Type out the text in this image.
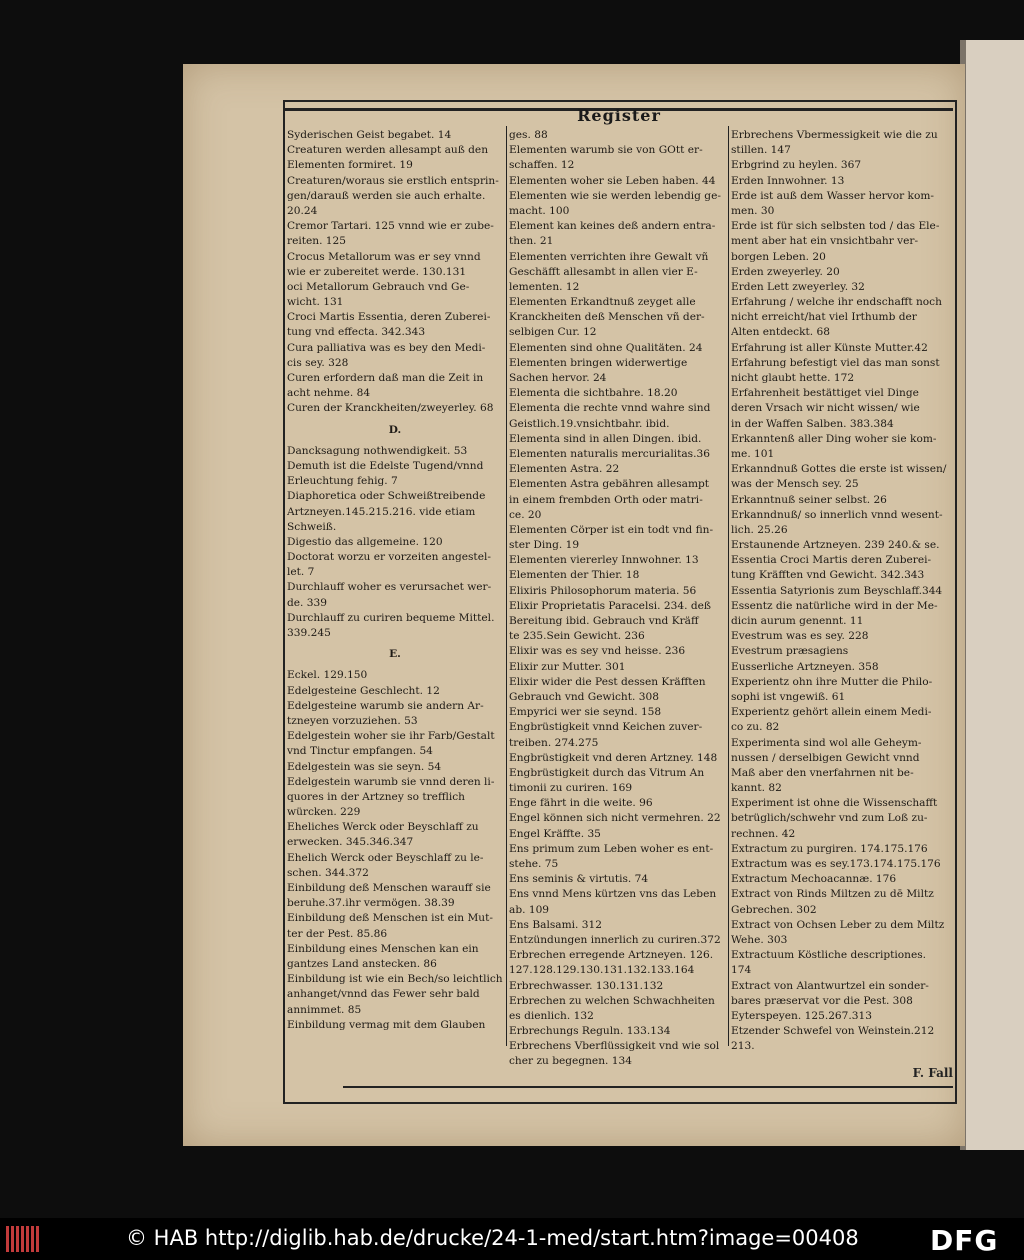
Register
Syderischen Geist begabet. 14
Creaturen werden allesampt auß den
Elementen formiret. 19
Creaturen/woraus sie erstlich entsprin-
gen/darauß werden sie auch erhalte.
20.24
Cremor Tartari. 125 vnnd wie er zube-
reiten. 125
Crocus Metallorum was er sey vnnd
wie er zubereitet werde. 130.131
oci Metallorum Gebrauch vnd Ge-
wicht. 131
Croci Martis Essentia, deren Zuberei-
tung vnd effecta. 342.343
Cura palliativa was es bey den Medi-
cis sey. 328
Curen erfordern daß man die Zeit in
acht nehme. 84
Curen der Kranckheiten/zweyerley. 68
D.
Dancksagung nothwendigkeit. 53
Demuth ist die Edelste Tugend/vnnd
Erleuchtung fehig. 7
Diaphoretica oder Schweißtreibende
Artzneyen.145.215.216. vide etiam
Schweiß.
Digestio das allgemeine. 120
Doctorat worzu er vorzeiten angestel-
let. 7
Durchlauff woher es verursachet wer-
de. 339
Durchlauff zu curiren bequeme Mittel.
339.245
E.
Eckel. 129.150
Edelgesteine Geschlecht. 12
Edelgesteine warumb sie andern Ar-
tzneyen vorzuziehen. 53
Edelgestein woher sie ihr Farb/Gestalt
vnd Tinctur empfangen. 54
Edelgestein was sie seyn. 54
Edelgestein warumb sie vnnd deren li-
quores in der Artzney so trefflich
würcken. 229
Eheliches Werck oder Beyschlaff zu
erwecken. 345.346.347
Ehelich Werck oder Beyschlaff zu le-
schen. 344.372
Einbildung deß Menschen warauff sie
beruhe.37.ihr vermögen. 38.39
Einbildung deß Menschen ist ein Mut-
ter der Pest. 85.86
Einbildung eines Menschen kan ein
gantzes Land anstecken. 86
Einbildung ist wie ein Bech/so leichtlich
anhanget/vnnd das Fewer sehr bald
annimmet. 85
Einbildung vermag mit dem Glauben
ges. 88
Elementen warumb sie von GOtt er-
schaffen. 12
Elementen woher sie Leben haben. 44
Elementen wie sie werden lebendig ge-
macht. 100
Element kan keines deß andern entra-
then. 21
Elementen verrichten ihre Gewalt vñ
Geschäfft allesambt in allen vier E-
lementen. 12
Elementen Erkandtnuß zeyget alle
Kranckheiten deß Menschen vñ der-
selbigen Cur. 12
Elementen sind ohne Qualitäten. 24
Elementen bringen widerwertige
Sachen hervor. 24
Elementa die sichtbahre. 18.20
Elementa die rechte vnnd wahre sind
Geistlich.19.vnsichtbahr. ibid.
Elementa sind in allen Dingen. ibid.
Elementen naturalis mercurialitas.36
Elementen Astra. 22
Elementen Astra gebähren allesampt
in einem frembden Orth oder matri-
ce. 20
Elementen Cörper ist ein todt vnd fin-
ster Ding. 19
Elementen viererley Innwohner. 13
Elementen der Thier. 18
Elixiris Philosophorum materia. 56
Elixir Proprietatis Paracelsi. 234. deß
Bereitung ibid. Gebrauch vnd Kräff
te 235.Sein Gewicht. 236
Elixir was es sey vnd heisse. 236
Elixir zur Mutter. 301
Elixir wider die Pest dessen Kräfften
Gebrauch vnd Gewicht. 308
Empyrici wer sie seynd. 158
Engbrüstigkeit vnnd Keichen zuver-
treiben. 274.275
Engbrüstigkeit vnd deren Artzney. 148
Engbrüstigkeit durch das Vitrum An
timonii zu curiren. 169
Enge fährt in die weite. 96
Engel können sich nicht vermehren. 22
Engel Kräffte. 35
Ens primum zum Leben woher es ent-
stehe. 75
Ens seminis & virtutis. 74
Ens vnnd Mens kürtzen vns das Leben
ab. 109
Ens Balsami. 312
Entzündungen innerlich zu curiren.372
Erbrechen erregende Artzneyen. 126.
127.128.129.130.131.132.133.164
Erbrechwasser. 130.131.132
Erbrechen zu welchen Schwachheiten
es dienlich. 132
Erbrechungs Reguln. 133.134
Erbrechens Vberflüssigkeit vnd wie sol
cher zu begegnen. 134
Erbrechens Vbermessigkeit wie die zu
stillen. 147
Erbgrind zu heylen. 367
Erden Innwohner. 13
Erde ist auß dem Wasser hervor kom-
men. 30
Erde ist für sich selbsten tod / das Ele-
ment aber hat ein vnsichtbahr ver-
borgen Leben. 20
Erden zweyerley. 20
Erden Lett zweyerley. 32
Erfahrung / welche ihr endschafft noch
nicht erreicht/hat viel Irthumb der
Alten entdeckt. 68
Erfahrung ist aller Künste Mutter.42
Erfahrung befestigt viel das man sonst
nicht glaubt hette. 172
Erfahrenheit bestättiget viel Dinge
deren Vrsach wir nicht wissen/ wie
in der Waffen Salben. 383.384
Erkanntenß aller Ding woher sie kom-
me. 101
Erkanndnuß Gottes die erste ist wissen/
was der Mensch sey. 25
Erkanntnuß seiner selbst. 26
Erkanndnuß/ so innerlich vnnd wesent-
lich. 25.26
Erstaunende Artzneyen. 239 240.& se.
Essentia Croci Martis deren Zuberei-
tung Kräfften vnd Gewicht. 342.343
Essentia Satyrionis zum Beyschlaff.344
Essentz die natürliche wird in der Me-
dicin aurum genennt. 11
Evestrum was es sey. 228
Evestrum præsagiens
Eusserliche Artzneyen. 358
Experientz ohn ihre Mutter die Philo-
sophi ist vngewiß. 61
Experientz gehört allein einem Medi-
co zu. 82
Experimenta sind wol alle Geheym-
nussen / derselbigen Gewicht vnnd
Maß aber den vnerfahrnen nit be-
kannt. 82
Experiment ist ohne die Wissenschafft
betrüglich/schwehr vnd zum Loß zu-
rechnen. 42
Extractum zu purgiren. 174.175.176
Extractum was es sey.173.174.175.176
Extractum Mechoacannæ. 176
Extract von Rinds Miltzen zu dē Miltz
Gebrechen. 302
Extract von Ochsen Leber zu dem Miltz
Wehe. 303
Extractuum Köstliche descriptiones.
174
Extract von Alantwurtzel ein sonder-
bares præservat vor die Pest. 308
Eyterspeyen. 125.267.313
Etzender Schwefel von Weinstein.212
213.
F. Fall
© HAB http://diglib.hab.de/drucke/24-1-med/start.htm?image=00408	DFG
